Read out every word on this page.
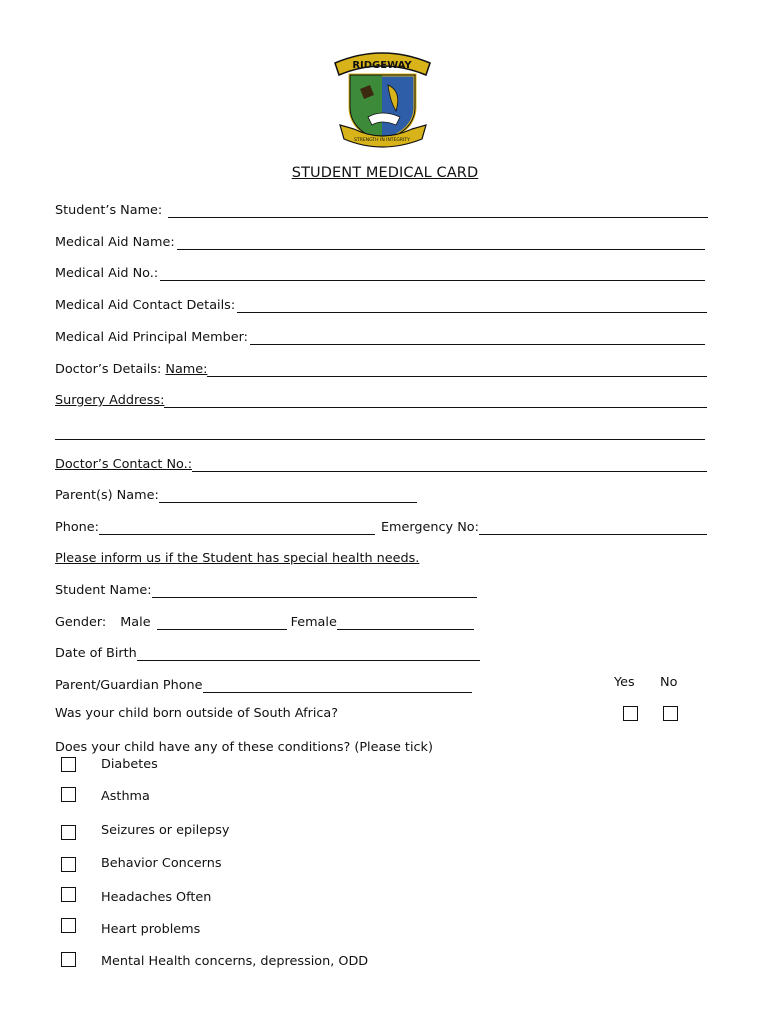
RIDGEWAY
STRENGTH IN INTEGRITY
STUDENT MEDICAL CARD
Student’s Name:
Medical Aid Name:
Medical Aid No.:
Medical Aid Contact Details:
Medical Aid Principal Member:
Doctor’s Details: Name:
Surgery Address:
Doctor’s Contact No.:
Parent(s) Name:
Phone:	Emergency No:
Please inform us if the Student has special health needs.
Student Name:
Gender: Male	Female
Date of Birth
Parent/Guardian Phone	Yes No
Was your child born outside of South Africa?
Does your child have any of these conditions? (Please tick)
Diabetes
Asthma
Seizures or epilepsy
Behavior Concerns
Headaches Often
Heart problems
Mental Health concerns, depression, ODD
